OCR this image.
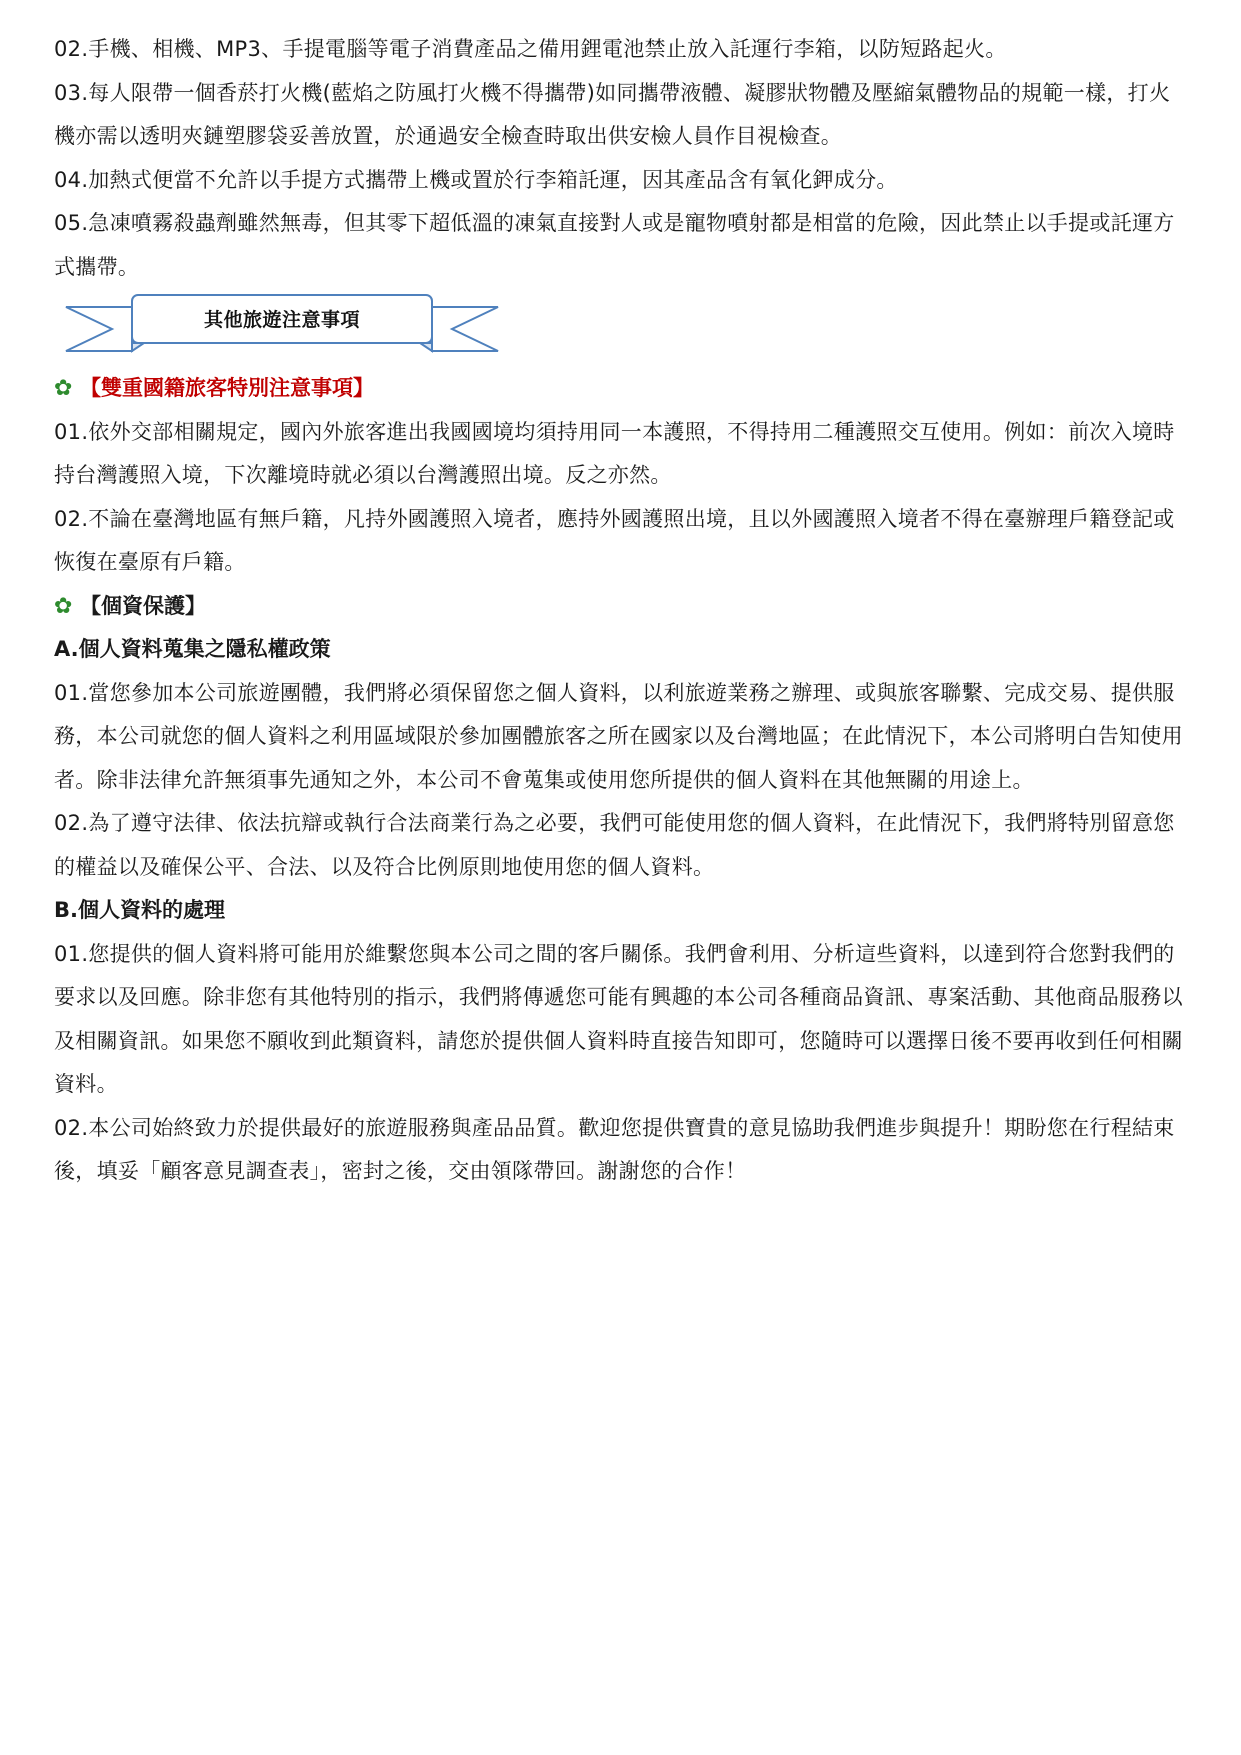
02.手機、相機、MP3、手提電腦等電子消費產品之備用鋰電池禁止放入託運行李箱，以防短路起火。

03.每人限帶一個香菸打火機(藍焰之防風打火機不得攜帶)如同攜帶液體、凝膠狀物體及壓縮氣體物品的規範一樣，打火機亦需以透明夾鏈塑膠袋妥善放置，於通過安全檢查時取出供安檢人員作目視檢查。

04.加熱式便當不允許以手提方式攜帶上機或置於行李箱託運，因其產品含有氧化鉀成分。

05.急凍噴霧殺蟲劑雖然無毒，但其零下超低溫的凍氣直接對人或是寵物噴射都是相當的危險，因此禁止以手提或託運方式攜帶。

其他旅遊注意事項
✿ 【雙重國籍旅客特別注意事項】

01.依外交部相關規定，國內外旅客進出我國國境均須持用同一本護照，不得持用二種護照交互使用。例如：前次入境時持台灣護照入境，下次離境時就必須以台灣護照出境。反之亦然。

02.不論在臺灣地區有無戶籍，凡持外國護照入境者，應持外國護照出境，且以外國護照入境者不得在臺辦理戶籍登記或恢復在臺原有戶籍。

✿ 【個資保護】

A.個人資料蒐集之隱私權政策

01.當您參加本公司旅遊團體，我們將必須保留您之個人資料，以利旅遊業務之辦理、或與旅客聯繫、完成交易、提供服務，本公司就您的個人資料之利用區域限於參加團體旅客之所在國家以及台灣地區；在此情況下，本公司將明白告知使用者。除非法律允許無須事先通知之外，本公司不會蒐集或使用您所提供的個人資料在其他無關的用途上。

02.為了遵守法律、依法抗辯或執行合法商業行為之必要，我們可能使用您的個人資料，在此情況下，我們將特別留意您的權益以及確保公平、合法、以及符合比例原則地使用您的個人資料。

B.個人資料的處理

01.您提供的個人資料將可能用於維繫您與本公司之間的客戶關係。我們會利用、分析這些資料，以達到符合您對我們的要求以及回應。除非您有其他特別的指示，我們將傳遞您可能有興趣的本公司各種商品資訊、專案活動、其他商品服務以及相關資訊。如果您不願收到此類資料，請您於提供個人資料時直接告知即可，您隨時可以選擇日後不要再收到任何相關資料。

02.本公司始終致力於提供最好的旅遊服務與產品品質。歡迎您提供寶貴的意見協助我們進步與提升！期盼您在行程結束後，填妥「顧客意見調查表」，密封之後，交由領隊帶回。謝謝您的合作！
